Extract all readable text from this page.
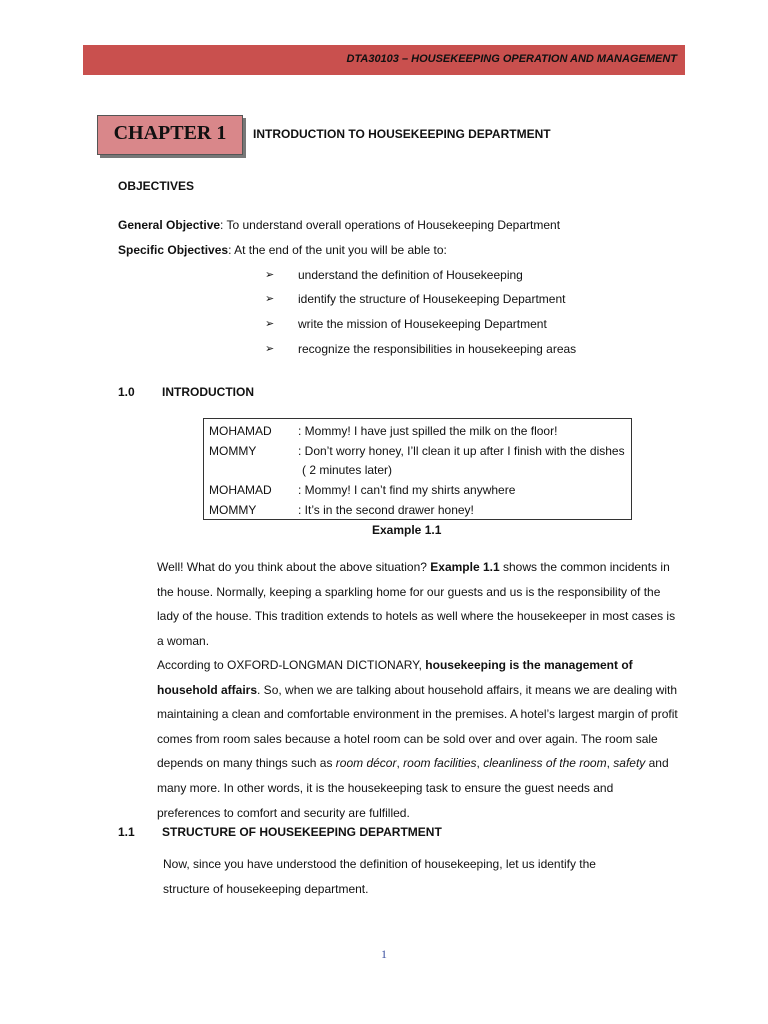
DTA30103 – HOUSEKEEPING OPERATION AND MANAGEMENT
CHAPTER 1	INTRODUCTION TO HOUSEKEEPING DEPARTMENT
OBJECTIVES
General Objective: To understand overall operations of Housekeeping Department
Specific Objectives: At the end of the unit you will be able to:
➢ understand the definition of Housekeeping
➢ identify the structure of Housekeeping Department
➢ write the mission of Housekeeping Department
➢ recognize the responsibilities in housekeeping areas
1.0 INTRODUCTION
MOHAMAD : Mommy! I have just spilled the milk on the floor!
MOMMY	: Don’t worry honey, I’ll clean it up after I finish with the dishes
( 2 minutes later)
MOHAMAD : Mommy! I can’t find my shirts anywhere
MOMMY	: It’s in the second drawer honey!
Example 1.1

Well! What do you think about the above situation? Example 1.1 shows the common incidents in the house. Normally, keeping a sparkling home for our guests and us is the responsibility of the lady of the house. This tradition extends to hotels as well where the housekeeper in most cases is a woman.

According to OXFORD-LONGMAN DICTIONARY, housekeeping is the management of household affairs. So, when we are talking about household affairs, it means we are dealing with maintaining a clean and comfortable environment in the premises. A hotel’s largest margin of profit comes from room sales because a hotel room can be sold over and over again. The room sale depends on many things such as room décor, room facilities, cleanliness of the room, safety and many more. In other words, it is the housekeeping task to ensure the guest needs and preferences to comfort and security are fulfilled.

1.1 STRUCTURE OF HOUSEKEEPING DEPARTMENT
Now, since you have understood the definition of housekeeping, let us identify the structure of housekeeping department.
1
